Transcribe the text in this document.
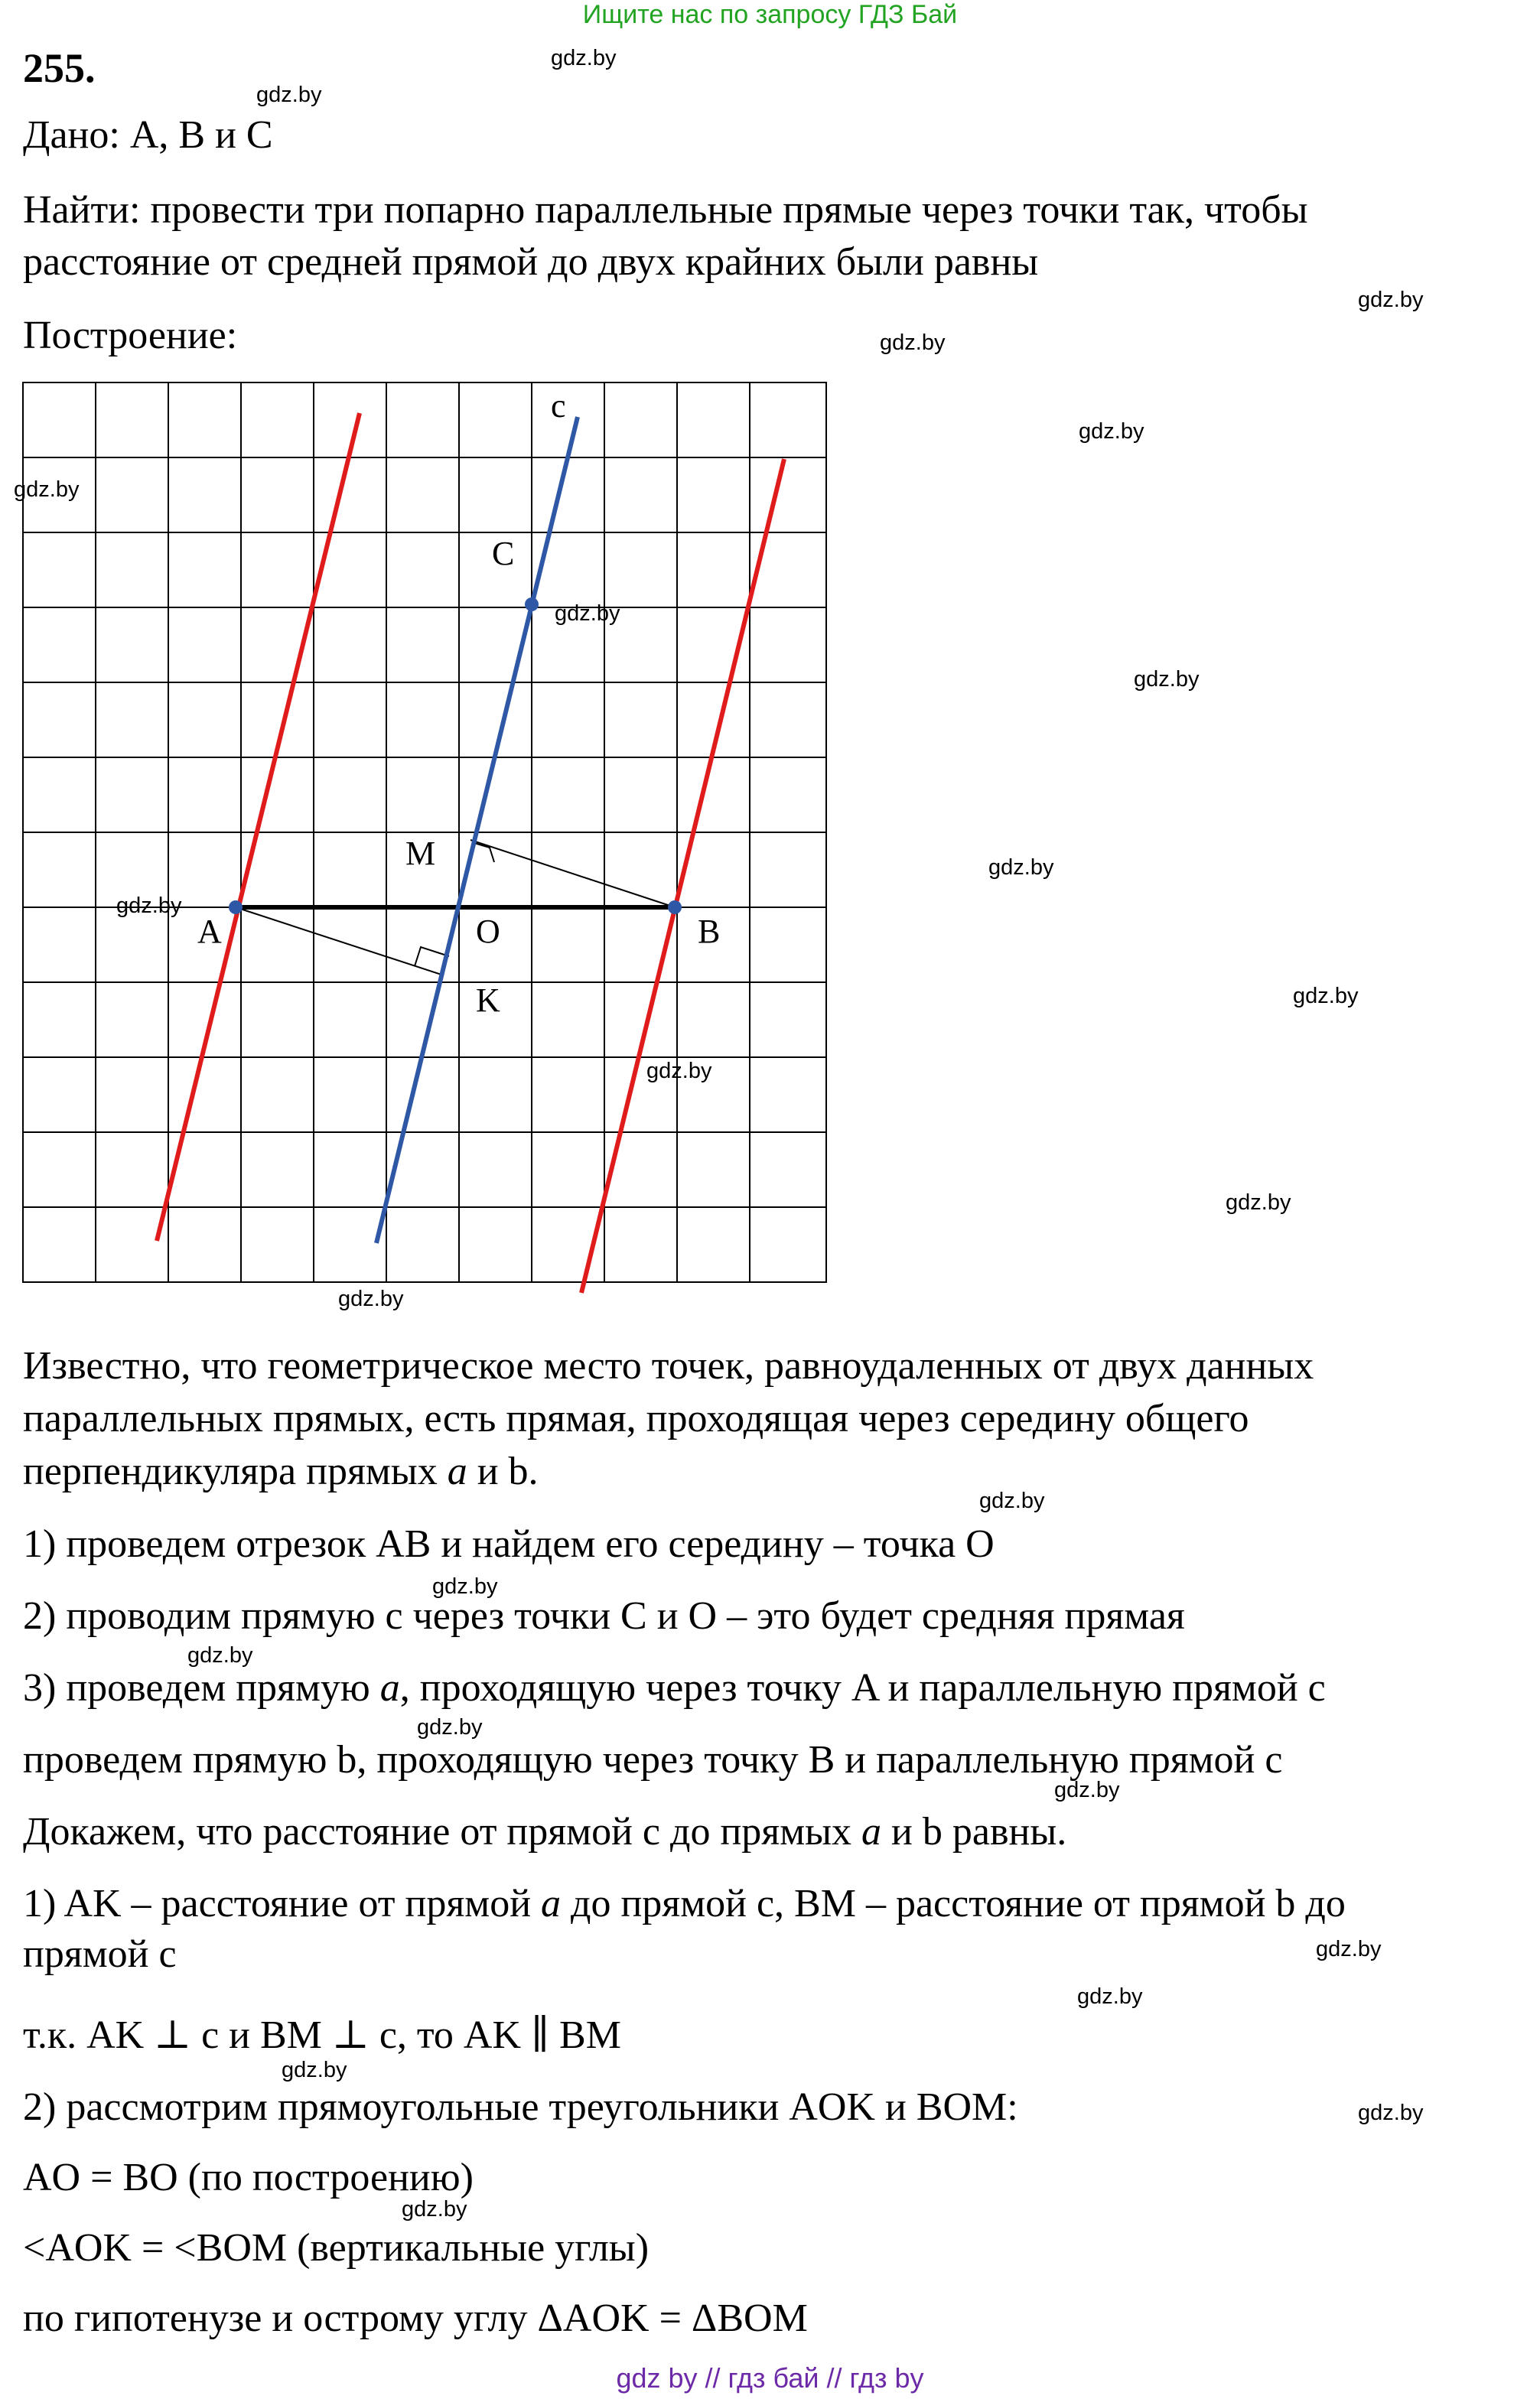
Ищите нас по запросу ГДЗ Бай
255.
Дано: А, В и С
Найти: провести три попарно параллельные прямые через точки так, чтобы
расстояние от средней прямой до двух крайних были равны
Построение:
c
C
M
A	O	B
K
Известно, что геометрическое место точек, равноудаленных от двух данных
параллельных прямых, есть прямая, проходящая через середину общего
перпендикуляра прямых a и b.
1) проведем отрезок AB и найдем его середину – точка O
2) проводим прямую c через точки C и O – это будет средняя прямая
3) проведем прямую a, проходящую через точку A и параллельную прямой c
проведем прямую b, проходящую через точку B и параллельную прямой c
Докажем, что расстояние от прямой c до прямых a и b равны.
1) AK – расстояние от прямой a до прямой c, BM – расстояние от прямой b до
прямой c
т.к. AK ⊥ c и BM ⊥ c, то AK ∥ BM
2) рассмотрим прямоугольные треугольники AOK и BOM:
AO = BO (по построению)
<AOK = <BOM (вертикальные углы)
по гипотенузе и острому углу ΔAOK = ΔBOM
gdz.by
gdz.by
gdz.by
gdz.by
gdz.by
gdz.by
gdz.by
gdz.by
gdz.by
gdz.by
gdz.by
gdz.by
gdz.by
gdz.by
gdz.by
gdz.by
gdz.by
gdz.by
gdz.by
gdz.by
gdz.by
gdz.by
gdz.by
gdz.by
gdz by // гдз бай // гдз by
